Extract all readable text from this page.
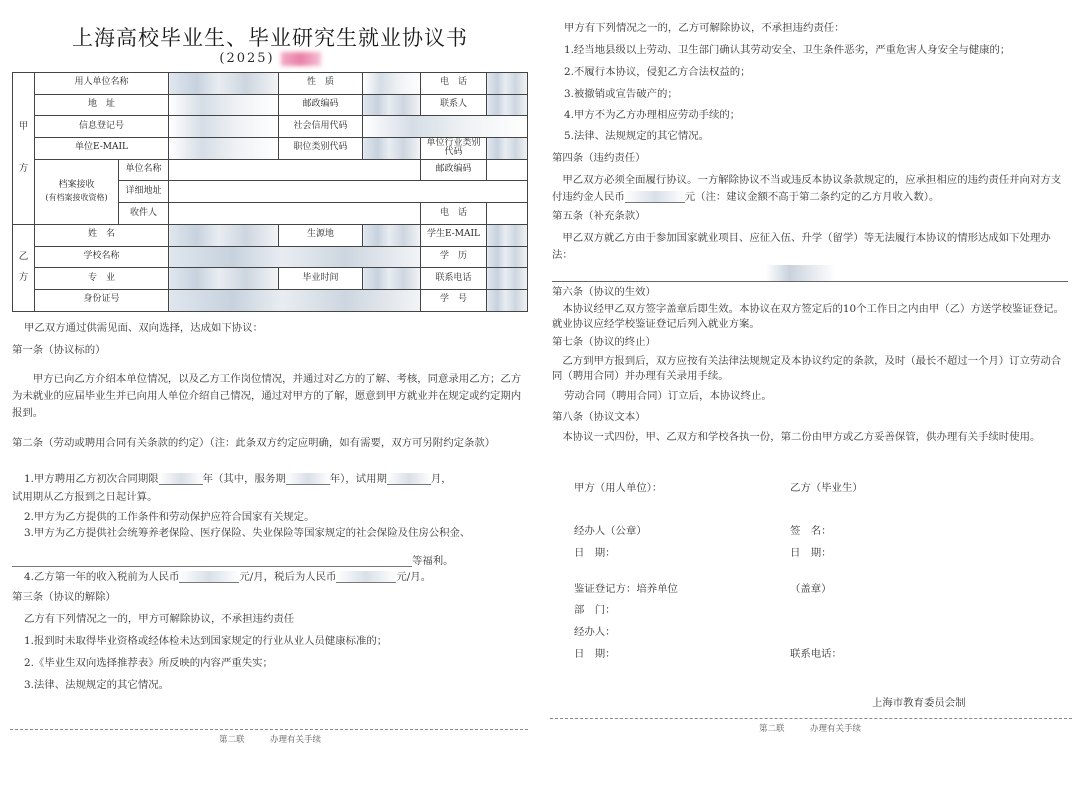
上海高校毕业生、毕业研究生就业协议书
(2025)
甲

方	用人单位名称			性　质		电　话	
	地　址			邮政编码		联系人	
	信息登记号			社会信用代码			
	单位E-MAIL			职位类别代码		单位行业类别代码	

	档案接收
(有档案接收资格)	单位名称				邮政编码	
		详细地址					
		收件人				电　话	
乙

方	姓　名			生源地		学生E-MAIL	
	学校名称					学　历	
	专　业			毕业时间		联系电话	
	身份证号					学　号	
甲乙双方通过供需见面、双向选择，达成如下协议：
第一条（协议标的）
甲方已向乙方介绍本单位情况，以及乙方工作岗位情况，并通过对乙方的了解、考核，同意录用乙方；乙方为未就业的应届毕业生并已向用人单位介绍自己情况，通过对甲方的了解，愿意到甲方就业并在规定或约定期内报到。
第二条（劳动或聘用合同有关条款的约定）（注：此条双方约定应明确，如有需要，双方可另附约定条款）
1.甲方聘用乙方初次合同期限	年（其中，服务期	年），试用期	月，
试用期从乙方报到之日起计算。
2.甲方为乙方提供的工作条件和劳动保护应符合国家有关规定。
3.甲方为乙方提供社会统筹养老保险、医疗保险、失业保险等国家规定的社会保险及住房公积金、
等福利。
4.乙方第一年的收入税前为人民币	元/月，税后为人民币	元/月。
第三条（协议的解除）
乙方有下列情况之一的，甲方可解除协议，不承担违约责任
1.报到时未取得毕业资格或经体检未达到国家规定的行业从业人员健康标准的；
2.《毕业生双向选择推荐表》所反映的内容严重失实；
3.法律、法规规定的其它情况。
第二联　　　	办理有关手续
甲方有下列情况之一的，乙方可解除协议，不承担违约责任：
1.经当地县级以上劳动、卫生部门确认其劳动安全、卫生条件恶劣，严重危害人身安全与健康的；
2.不履行本协议，侵犯乙方合法权益的；
3.被撤销或宣告破产的；
4.甲方不为乙方办理相应劳动手续的；
5.法律、法规规定的其它情况。
第四条（违约责任）
甲乙双方必须全面履行协议。一方解除协议不当或违反本协议条款规定的，应承担相应的违约责任并向对方支付违约金人民币	元（注：建议金额不高于第二条约定的乙方月收入数）。
第五条（补充条款）
甲乙双方就乙方由于参加国家就业项目、应征入伍、升学（留学）等无法履行本协议的情形达成如下处理办法：
第六条（协议的生效）
本协议经甲乙双方签字盖章后即生效。本协议在双方签定后的10个工作日之内由甲（乙）方送学校鉴证登记。就业协议应经学校鉴证登记后列入就业方案。
第七条（协议的终止）
乙方到甲方报到后，双方应按有关法律法规规定及本协议约定的条款，及时（最长不超过一个月）订立劳动合同（聘用合同）并办理有关录用手续。
劳动合同（聘用合同）订立后，本协议终止。
第八条（协议文本）
本协议一式四份，甲、乙双方和学校各执一份，第二份由甲方或乙方妥善保管，供办理有关手续时使用。
甲方（用人单位）：	乙方（毕业生）
经办人（公章）	签　名：
日　期：	日　期：
鉴证登记方：培养单位	（盖章）
部　门：
经办人：
日　期：	联系电话：
上海市教育委员会制
第二联　　　	办理有关手续
